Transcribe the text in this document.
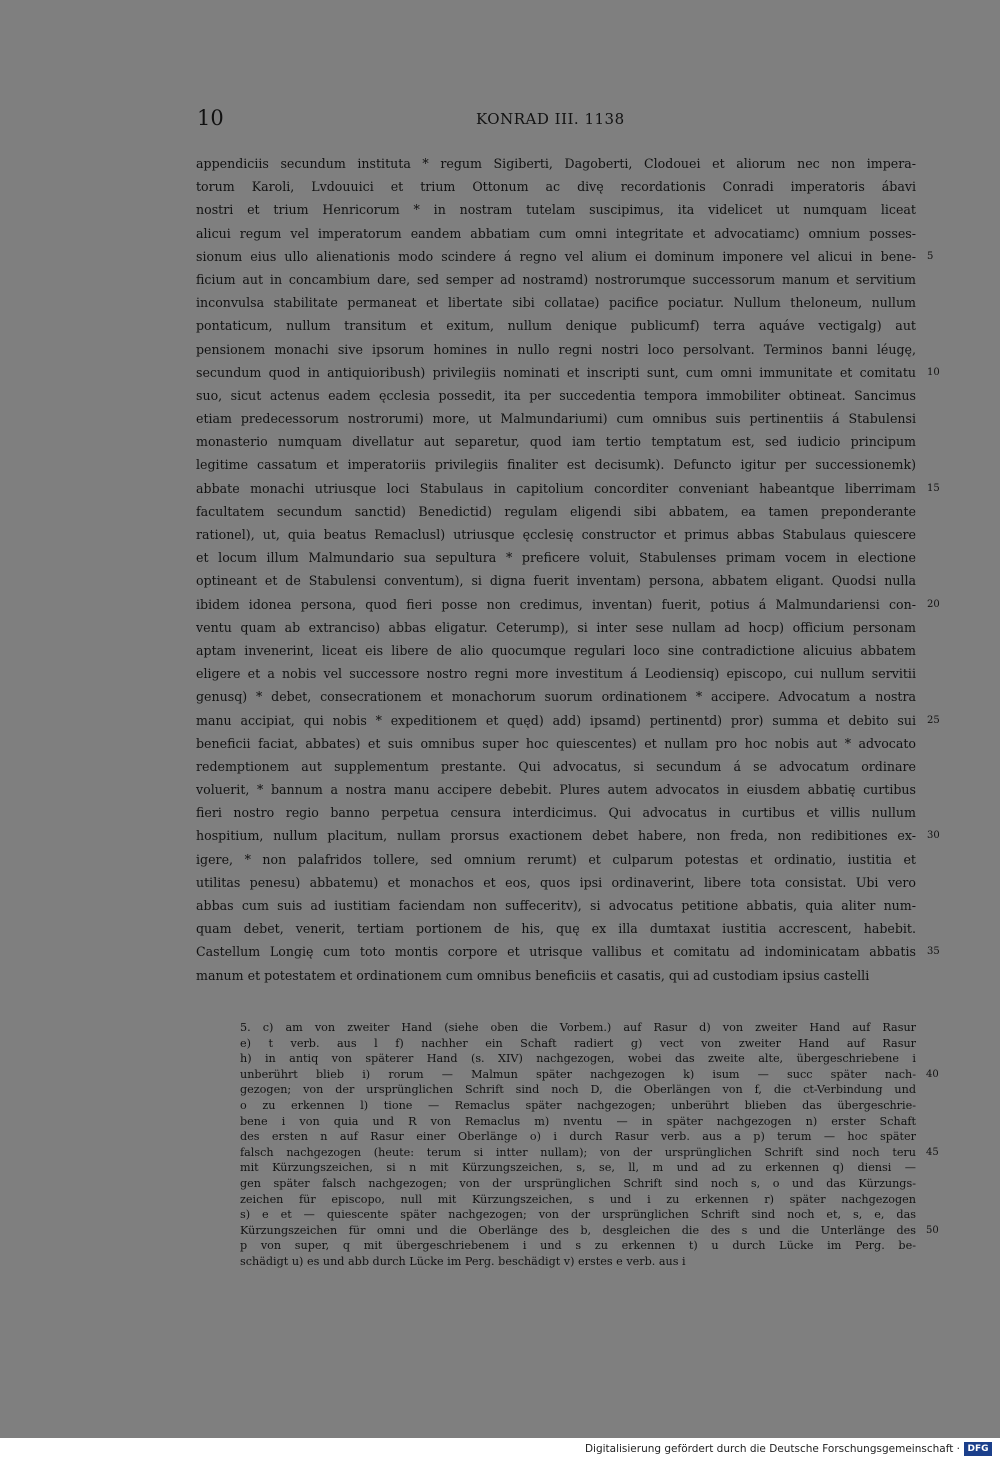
10	KONRAD III. 1138
appendiciis secundum instituta * regum Sigiberti, Dagoberti, Clodouei et aliorum nec non impera-
torum Karoli, Lvdouuici et trium Ottonum ac divę recordationis Conradi imperatoris ábavi
nostri et trium Henricorum * in nostram tutelam suscipimus, ita videlicet ut numquam liceat
alicui regum vel imperatorum eandem abbatiam cum omni integritate et advocatiamc) omnium posses-
sionum eius ullo alienationis modo scindere á regno vel alium ei dominum imponere vel alicui in bene- 5
ficium aut in concambium dare, sed semper ad nostramd) nostrorumque successorum manum et servitium
inconvulsa stabilitate permaneat et libertate sibi collatae) pacifice pociatur. Nullum theloneum, nullum
pontaticum, nullum transitum et exitum, nullum denique publicumf) terra aquáve vectigalg) aut
pensionem monachi sive ipsorum homines in nullo regni nostri loco persolvant. Terminos banni léugę,
secundum quod in antiquioribush) privilegiis nominati et inscripti sunt, cum omni immunitate et comitatu 10
suo, sicut actenus eadem ęcclesia possedit, ita per succedentia tempora immobiliter obtineat. Sancimus
etiam predecessorum nostrorumi) more, ut Malmundariumi) cum omnibus suis pertinentiis á Stabulensi
monasterio numquam divellatur aut separetur, quod iam tertio temptatum est, sed iudicio principum
legitime cassatum et imperatoriis privilegiis finaliter est decisumk). Defuncto igitur per successionemk)
abbate monachi utriusque loci Stabulaus in capitolium concorditer conveniant habeantque liberrimam 15
facultatem secundum sanctid) Benedictid) regulam eligendi sibi abbatem, ea tamen preponderante
rationel), ut, quia beatus Remaclusl) utriusque ęcclesię constructor et primus abbas Stabulaus quiescere
et locum illum Malmundario sua sepultura * preficere voluit, Stabulenses primam vocem in electione
optineant et de Stabulensi conventum), si digna fuerit inventam) persona, abbatem eligant. Quodsi nulla
ibidem idonea persona, quod fieri posse non credimus, inventan) fuerit, potius á Malmundariensi con- 20
ventu quam ab extranciso) abbas eligatur. Ceterump), si inter sese nullam ad hocp) officium personam
aptam invenerint, liceat eis libere de alio quocumque regulari loco sine contradictione alicuius abbatem
eligere et a nobis vel successore nostro regni more investitum á Leodiensiq) episcopo, cui nullum servitii
genusq) * debet, consecrationem et monachorum suorum ordinationem * accipere. Advocatum a nostra
manu accipiat, qui nobis * expeditionem et quęd) add) ipsamd) pertinentd) pror) summa et debito sui 25
beneficii faciat, abbates) et suis omnibus super hoc quiescentes) et nullam pro hoc nobis aut * advocato
redemptionem aut supplementum prestante. Qui advocatus, si secundum á se advocatum ordinare
voluerit, * bannum a nostra manu accipere debebit. Plures autem advocatos in eiusdem abbatię curtibus
fieri nostro regio banno perpetua censura interdicimus. Qui advocatus in curtibus et villis nullum
hospitium, nullum placitum, nullam prorsus exactionem debet habere, non freda, non redibitiones ex- 30
igere, * non palafridos tollere, sed omnium rerumt) et culparum potestas et ordinatio, iustitia et
utilitas penesu) abbatemu) et monachos et eos, quos ipsi ordinaverint, libere tota consistat. Ubi vero
abbas cum suis ad iustitiam faciendam non suffeceritv), si advocatus petitione abbatis, quia aliter num-
quam debet, venerit, tertiam portionem de his, quę ex illa dumtaxat iustitia accrescent, habebit.
Castellum Longię cum toto montis corpore et utrisque vallibus et comitatu ad indominicatam abbatis 35
manum et potestatem et ordinationem cum omnibus beneficiis et casatis, qui ad custodiam ipsius castelli
5. c) am von zweiter Hand (siehe oben die Vorbem.) auf Rasur d) von zweiter Hand auf Rasur
e) t verb. aus l f) nachher ein Schaft radiert g) vect von zweiter Hand auf Rasur
h) in antiq von späterer Hand (s. XIV) nachgezogen, wobei das zweite alte, übergeschriebene i
unberührt blieb i) rorum — Malmun später nachgezogen k) isum — succ später nach- 40
gezogen; von der ursprünglichen Schrift sind noch D, die Oberlängen von f, die ct-Verbindung und
o zu erkennen l) tione — Remaclus später nachgezogen; unberührt blieben das übergeschrie-
bene i von quia und R von Remaclus m) nventu — in später nachgezogen n) erster Schaft
des ersten n auf Rasur einer Oberlänge o) i durch Rasur verb. aus a p) terum — hoc später
falsch nachgezogen (heute: terum si intter nullam); von der ursprünglichen Schrift sind noch teru 45
mit Kürzungszeichen, si n mit Kürzungszeichen, s, se, ll, m und ad zu erkennen q) diensi —
gen später falsch nachgezogen; von der ursprünglichen Schrift sind noch s, o und das Kürzungs-
zeichen für episcopo, null mit Kürzungszeichen, s und i zu erkennen r) später nachgezogen
s) e et — quiescente später nachgezogen; von der ursprünglichen Schrift sind noch et, s, e, das
Kürzungszeichen für omni und die Oberlänge des b, desgleichen die des s und die Unterlänge des 50
p von super, q mit übergeschriebenem i und s zu erkennen t) u durch Lücke im Perg. be-
schädigt u) es und abb durch Lücke im Perg. beschädigt v) erstes e verb. aus i
Digitalisierung gefördert durch die Deutsche Forschungsgemeinschaft · DFG
